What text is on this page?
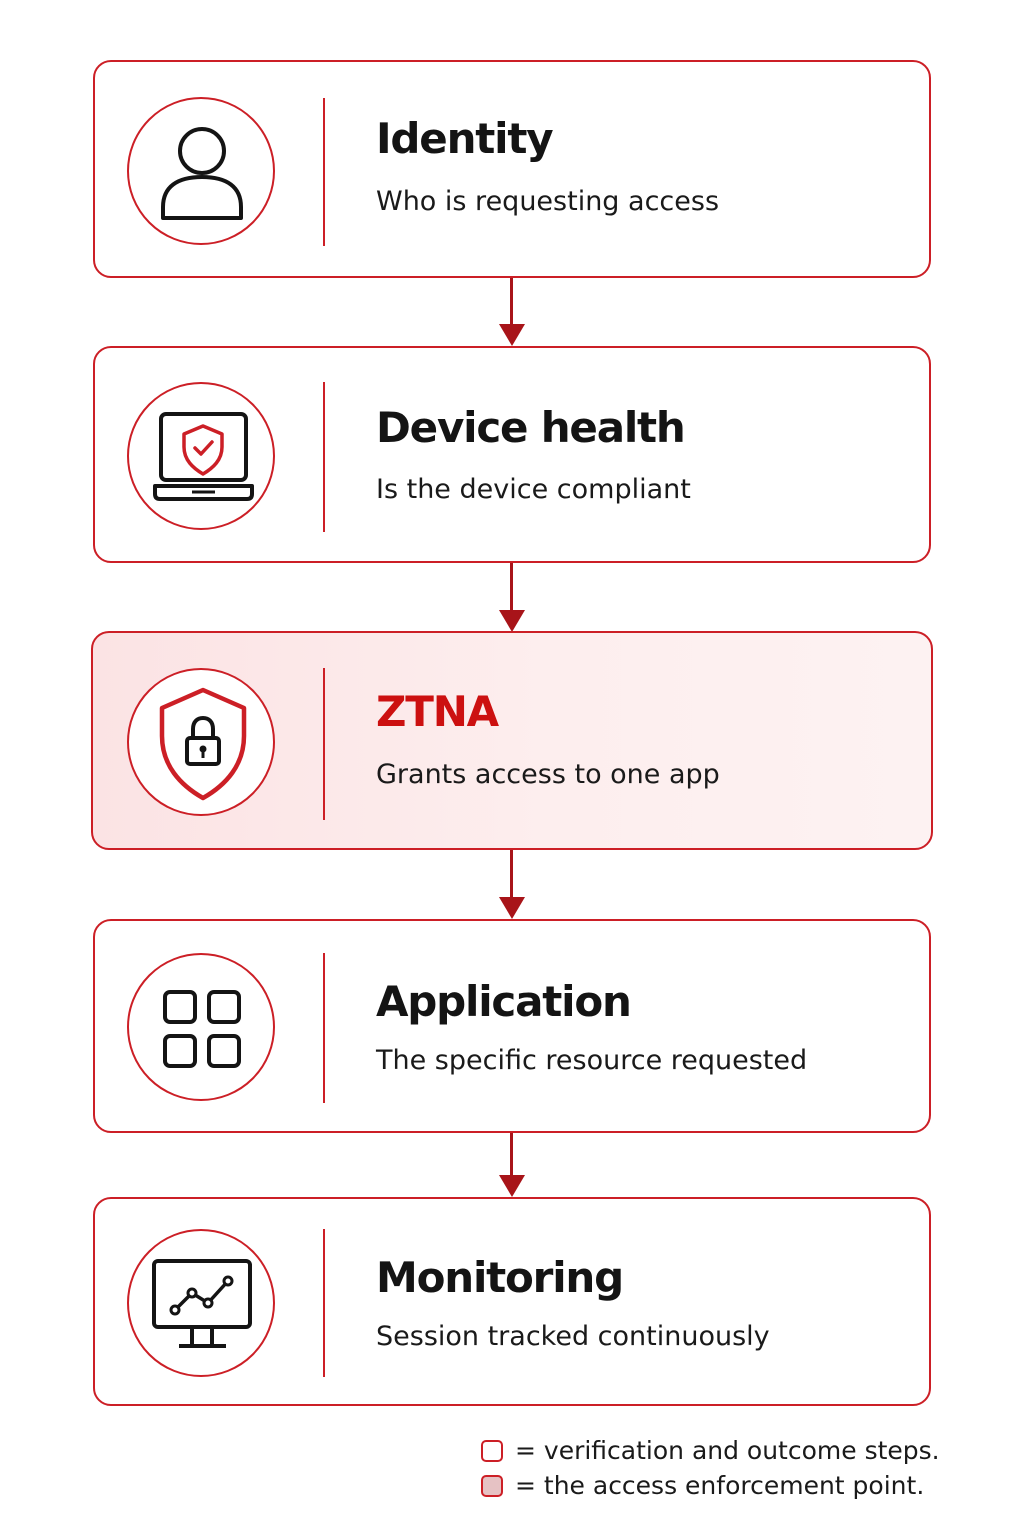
Identity
Who is requesting access
Device health
Is the device compliant
ZTNA
Grants access to one app
Application
The specific resource requested
Monitoring
Session tracked continuously
= verification and outcome steps.
= the access enforcement point.
